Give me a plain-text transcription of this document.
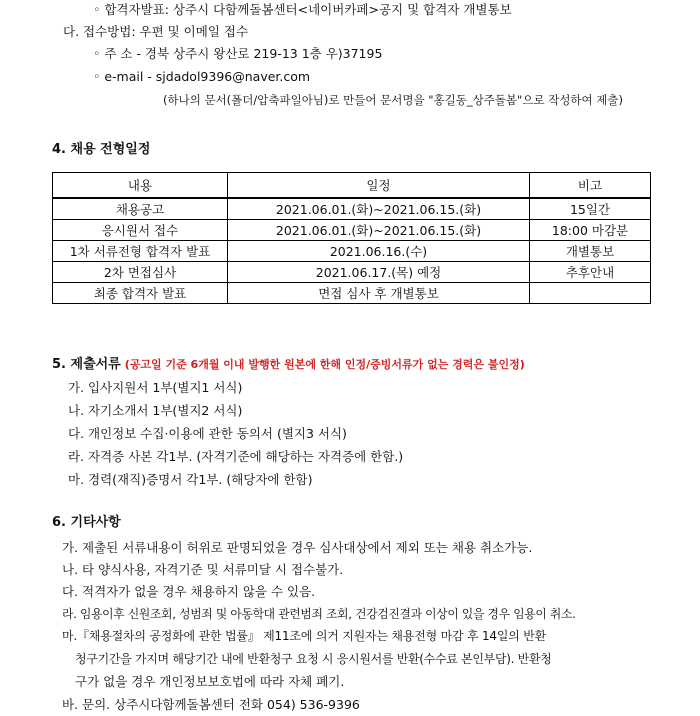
◦ 합격자발표: 상주시 다함께돌봄센터<네이버카페>공지 및 합격자 개별통보
다. 접수방법: 우편 및 이메일 접수
◦ 주 소 - 경북 상주시 왕산로 219-13 1층 우)37195
◦ e-mail - sjdadol9396@naver.com
(하나의 문서(폴더/압축파일아님)로 만들어 문서명을 "홍길동_상주돌봄"으로 작성하여 제출)
4. 채용 전형일정
내용	일정	비고
채용공고	2021.06.01.(화)~2021.06.15.(화)	15일간
응시원서 접수	2021.06.01.(화)~2021.06.15.(화)	18:00 마감분
1차 서류전형 합격자 발표	2021.06.16.(수)	개별통보
2차 면접심사	2021.06.17.(목) 예정	추후안내
최종 합격자 발표	면접 심사 후 개별통보	
5. 제출서류 (공고일 기준 6개월 이내 발행한 원본에 한해 인정/증빙서류가 없는 경력은 불인정)
가. 입사지원서 1부(별지1 서식)
나. 자기소개서 1부(별지2 서식)
다. 개인정보 수집·이용에 관한 동의서 (별지3 서식)
라. 자격증 사본 각1부. (자격기준에 해당하는 자격증에 한함.)
마. 경력(재직)증명서 각1부. (해당자에 한함)
6. 기타사항
가. 제출된 서류내용이 허위로 판명되었을 경우 심사대상에서 제외 또는 채용 취소가능.
나. 타 양식사용, 자격기준 및 서류미달 시 접수불가.
다. 적격자가 없을 경우 채용하지 않을 수 있음.
라. 임용이후 신원조회, 성범죄 및 아동학대 관련범죄 조회, 건강검진결과 이상이 있을 경우 임용이 취소.
마.『채용절차의 공정화에 관한 법률』 제11조에 의거 지원자는 채용전형 마감 후 14일의 반환
청구기간을 가지며 해당기간 내에 반환청구 요청 시 응시원서를 반환(수수료 본인부담). 반환청
구가 없을 경우 개인정보보호법에 따라 자체 폐기.
바. 문의. 상주시다함께돌봄센터 전화 054) 536-9396
